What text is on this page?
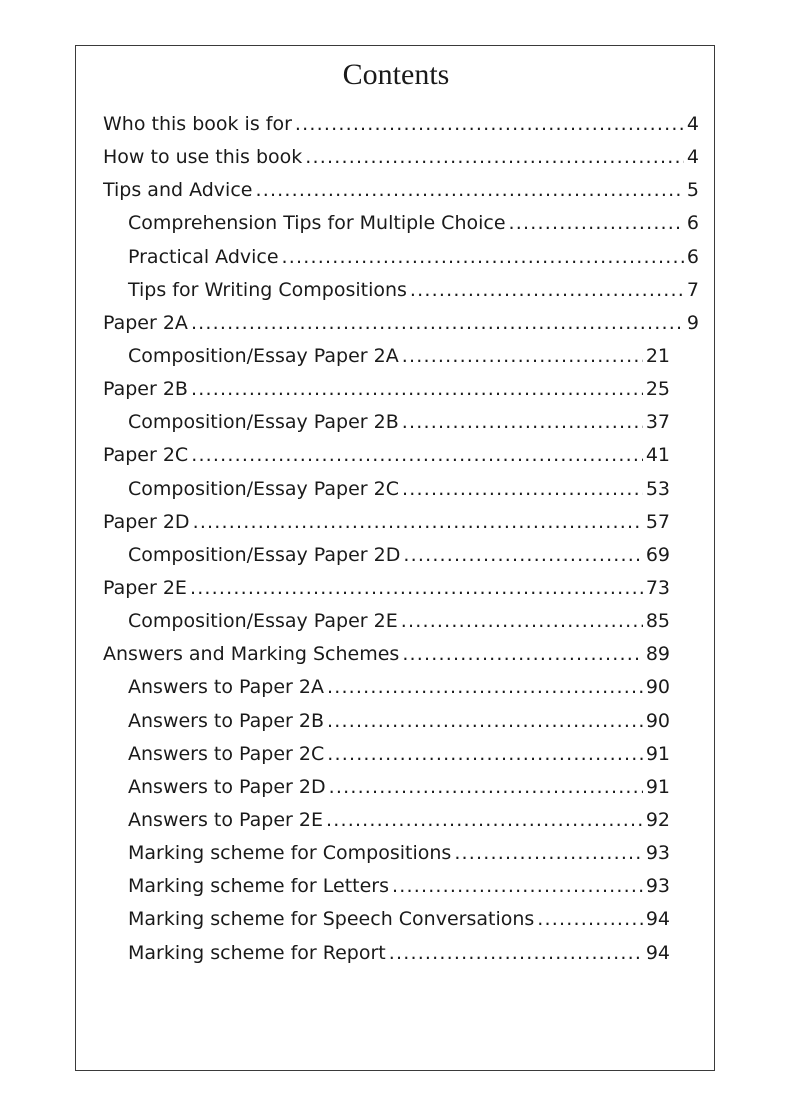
Contents
Who this book is for .....	4
How to use this book .....	4
Tips and Advice .....	5
Comprehension Tips for Multiple Choice .....	6
Practical Advice .....	6
Tips for Writing Compositions .....	7
Paper 2A .....	9
Composition/Essay Paper 2A .....	21
Paper 2B .....	25
Composition/Essay Paper 2B .....	37
Paper 2C .....	41
Composition/Essay Paper 2C .....	53
Paper 2D .....	57
Composition/Essay Paper 2D .....	69
Paper 2E .....	73
Composition/Essay Paper 2E .....	85
Answers and Marking Schemes .....	89
Answers to Paper 2A .....	90
Answers to Paper 2B .....	90
Answers to Paper 2C .....	91
Answers to Paper 2D .....	91
Answers to Paper 2E .....	92
Marking scheme for Compositions .....	93
Marking scheme for Letters .....	93
Marking scheme for Speech Conversations .....	94
Marking scheme for Report .....	94
